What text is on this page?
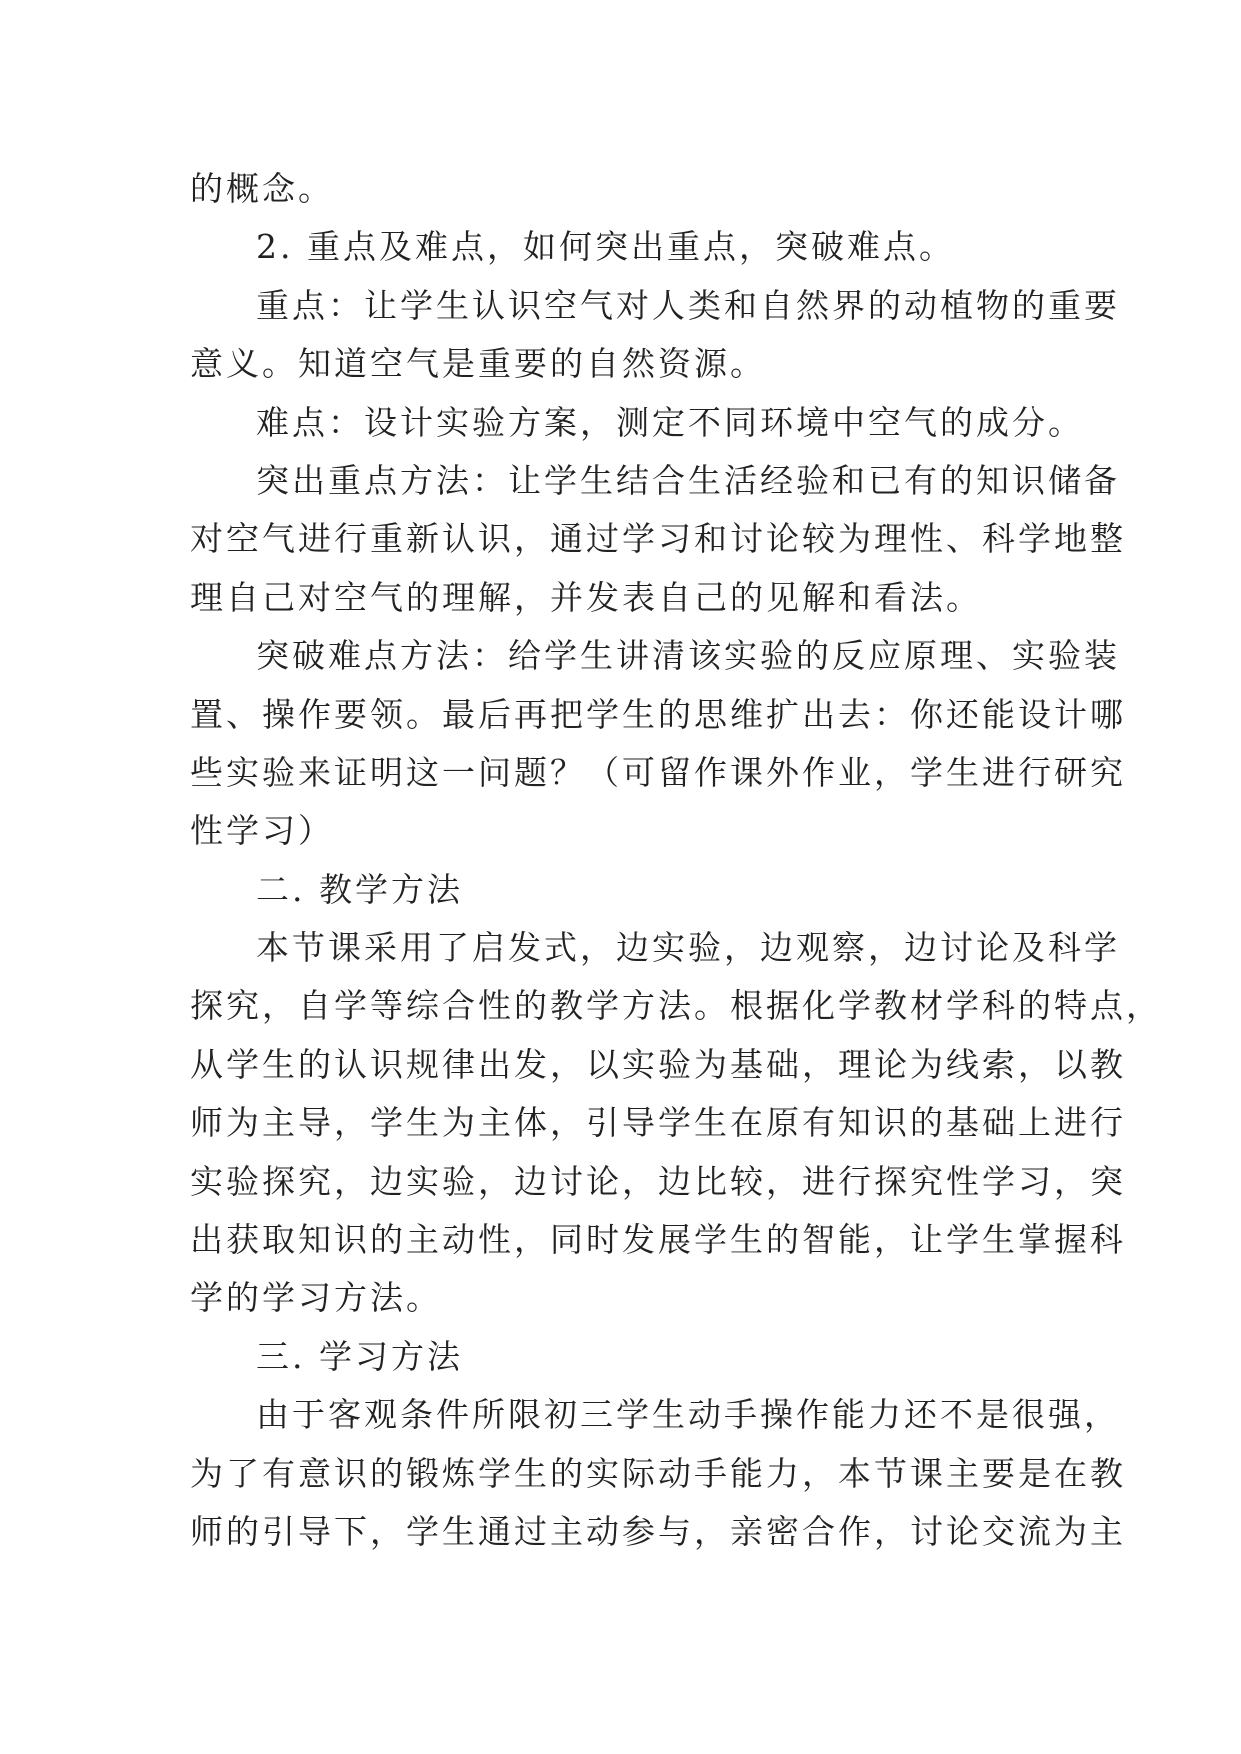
的概念。
2. 重点及难点，如何突出重点，突破难点。
重点：让学生认识空气对人类和自然界的动植物的重要
意义。知道空气是重要的自然资源。
难点：设计实验方案，测定不同环境中空气的成分。
突出重点方法：让学生结合生活经验和已有的知识储备
对空气进行重新认识，通过学习和讨论较为理性、科学地整
理自己对空气的理解，并发表自己的见解和看法。
突破难点方法：给学生讲清该实验的反应原理、实验装
置、操作要领。最后再把学生的思维扩出去：你还能设计哪
些实验来证明这一问题？（可留作课外作业，学生进行研究
性学习）
二. 教学方法
本节课采用了启发式，边实验，边观察，边讨论及科学
探究，自学等综合性的教学方法。根据化学教材学科的特点，
从学生的认识规律出发，以实验为基础，理论为线索，以教
师为主导，学生为主体，引导学生在原有知识的基础上进行
实验探究，边实验，边讨论，边比较，进行探究性学习，突
出获取知识的主动性，同时发展学生的智能，让学生掌握科
学的学习方法。
三. 学习方法
由于客观条件所限初三学生动手操作能力还不是很强，
为了有意识的锻炼学生的实际动手能力，本节课主要是在教
师的引导下，学生通过主动参与，亲密合作，讨论交流为主
